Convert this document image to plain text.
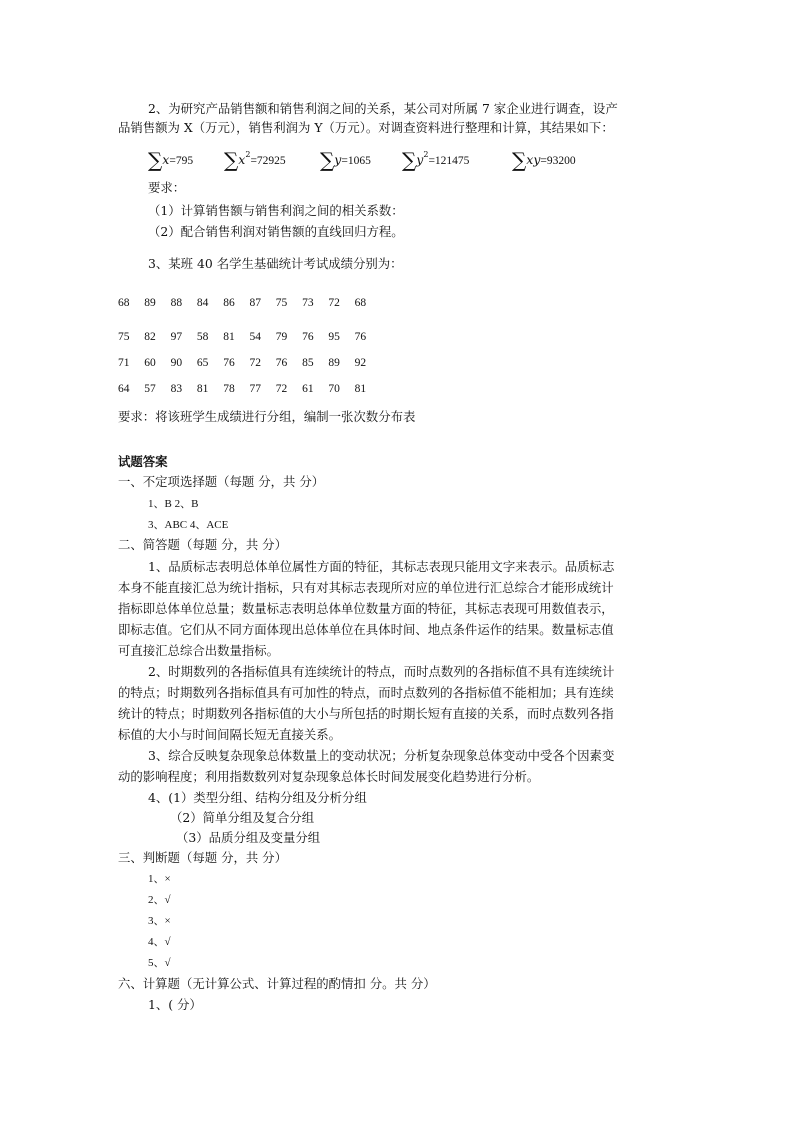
2、为研究产品销售额和销售利润之间的关系，某公司对所属 7 家企业进行调查，设产
品销售额为 X（万元），销售利润为 Y（万元）。对调查资料进行整理和计算，其结果如下：
∑x=795 $\sum x^2=72925$ ∑y=1065 $\sum y^2=121475$ ∑xy=93200
要求：
（1）计算销售额与销售利润之间的相关系数：
（2）配合销售利润对销售额的直线回归方程。
3、某班 40 名学生基础统计考试成绩分别为：
68 89 88 84 86 87 75 73 72 68
75 82 97 58 81 54 79 76 95 76
71 60 90 65 76 72 76 85 89 92
64 57 83 81 78 77 72 61 70 81
要求：将该班学生成绩进行分组，编制一张次数分布表
试题答案
一、不定项选择题（每题 分，共 分）
1、B 2、B
3、ABC 4、ACE
二、简答题（每题 分，共 分）
1、品质标志表明总体单位属性方面的特征，其标志表现只能用文字来表示。品质标志
本身不能直接汇总为统计指标，只有对其标志表现所对应的单位进行汇总综合才能形成统计
指标即总体单位总量；数量标志表明总体单位数量方面的特征，其标志表现可用数值表示，
即标志值。它们从不同方面体现出总体单位在具体时间、地点条件运作的结果。数量标志值
可直接汇总综合出数量指标。
2、时期数列的各指标值具有连续统计的特点，而时点数列的各指标值不具有连续统计
的特点；时期数列各指标值具有可加性的特点，而时点数列的各指标值不能相加；具有连续
统计的特点；时期数列各指标值的大小与所包括的时期长短有直接的关系，而时点数列各指
标值的大小与时间间隔长短无直接关系。
3、综合反映复杂现象总体数量上的变动状况；分析复杂现象总体变动中受各个因素变
动的影响程度；利用指数数列对复杂现象总体长时间发展变化趋势进行分析。
4、(1）类型分组、结构分组及分析分组
（2）简单分组及复合分组
（3）品质分组及变量分组
三、判断题（每题 分，共 分）
1、×
2、√
3、×
4、√
5、√
六、计算题（无计算公式、计算过程的酌情扣 分。共 分）
1、( 分）
